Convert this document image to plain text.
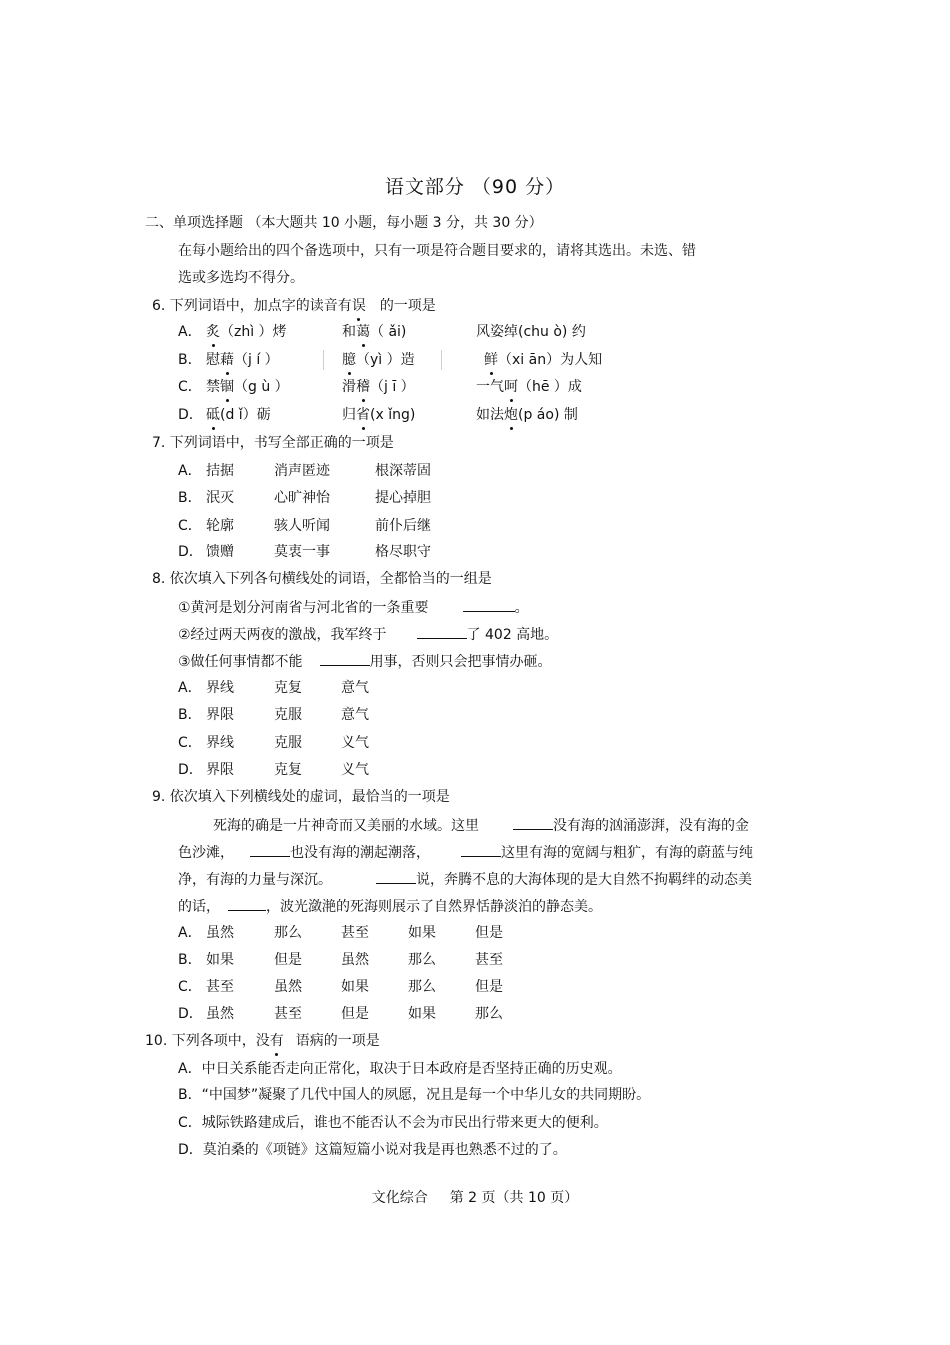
语文部分 （90 分）
二、单项选择题 （本大题共 10 小题，每小题 3 分，共 30 分）
在每小题给出的四个备选项中，只有一项是符合题目要求的，请将其选出。未选、错
选或多选均不得分。
6. 下列词语中，加点字的读音有误 的一项是
A． 炙（zhì ）烤	和蔼（ ǎi)	风姿绰(chu ò) 约
B． 慰藉（j í ）	臆（yì ）造	鲜（xi ān）为人知
C． 禁锢（g ù ）	滑稽（j ī ）	一气呵（hē ）成
D． 砥(d ǐ）砺	归省(x ǐng)	如法炮(p áo) 制
7. 下列词语中，书写全部正确的一项是
A． 拮据	消声匿迹	根深蒂固
B． 泯灭	心旷神怡	提心掉胆
C． 轮廓	骇人听闻	前仆后继
D． 馈赠	莫衷一事	格尽职守
8. 依次填入下列各句横线处的词语，全都恰当的一组是
①黄河是划分河南省与河北省的一条重要	。
②经过两天两夜的激战，我军终于	了 402 高地。
③做任何事情都不能	用事，否则只会把事情办砸。
A． 界线	克复	意气
B． 界限	克服	意气
C． 界线	克服	义气
D． 界限	克复	义气
9. 依次填入下列横线处的虚词，最恰当的一项是
死海的确是一片神奇而又美丽的水域。这里	没有海的汹涌澎湃，没有海的金
色沙滩，	也没有海的潮起潮落，	这里有海的宽阔与粗犷，有海的蔚蓝与纯
净，有海的力量与深沉。	说，奔腾不息的大海体现的是大自然不拘羁绊的动态美
的话，	，波光潋滟的死海则展示了自然界恬静淡泊的静态美。
A． 虽然	那么	甚至	如果	但是
B． 如果	但是	虽然	那么	甚至
C． 甚至	虽然	如果	那么	但是
D． 虽然	甚至	但是	如果	那么
10. 下列各项中，没有 语病的一项是
A．中日关系能否走向正常化，取决于日本政府是否坚持正确的历史观。
B．“中国梦”凝聚了几代中国人的夙愿，况且是每一个中华儿女的共同期盼。
C．城际铁路建成后，谁也不能否认不会为市民出行带来更大的便利。
D．莫泊桑的《项链》这篇短篇小说对我是再也熟悉不过的了。
文化综合 第 2 页（共 10 页）
